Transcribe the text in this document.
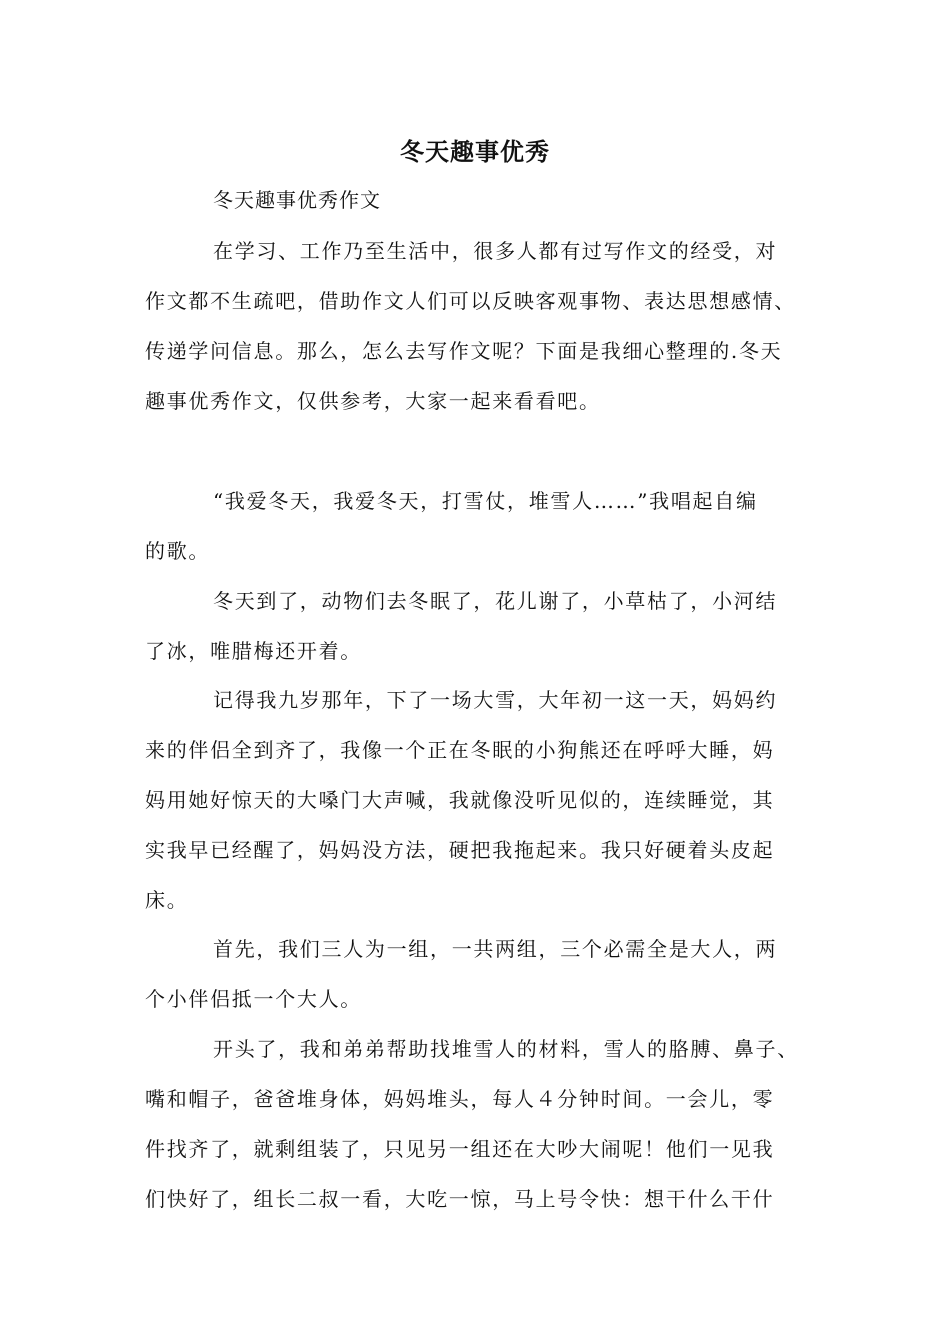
冬天趣事优秀
冬天趣事优秀作文
在学习、工作乃至生活中，很多人都有过写作文的经受，对
作文都不生疏吧，借助作文人们可以反映客观事物、表达思想感情、
传递学问信息。那么，怎么去写作文呢？下面是我细心整理的.冬天
趣事优秀作文，仅供参考，大家一起来看看吧。
“我爱冬天，我爱冬天，打雪仗，堆雪人……”我唱起自编
的歌。
冬天到了，动物们去冬眠了，花儿谢了，小草枯了，小河结
了冰，唯腊梅还开着。
记得我九岁那年，下了一场大雪，大年初一这一天，妈妈约
来的伴侣全到齐了，我像一个正在冬眠的小狗熊还在呼呼大睡，妈
妈用她好惊天的大嗓门大声喊，我就像没听见似的，连续睡觉，其
实我早已经醒了，妈妈没方法，硬把我拖起来。我只好硬着头皮起
床。
首先，我们三人为一组，一共两组，三个必需全是大人，两
个小伴侣抵一个大人。
开头了，我和弟弟帮助找堆雪人的材料，雪人的胳膊、鼻子、
嘴和帽子，爸爸堆身体，妈妈堆头，每人４分钟时间。一会儿，零
件找齐了，就剩组装了，只见另一组还在大吵大闹呢！他们一见我
们快好了，组长二叔一看，大吃一惊，马上号令快：想干什么干什
